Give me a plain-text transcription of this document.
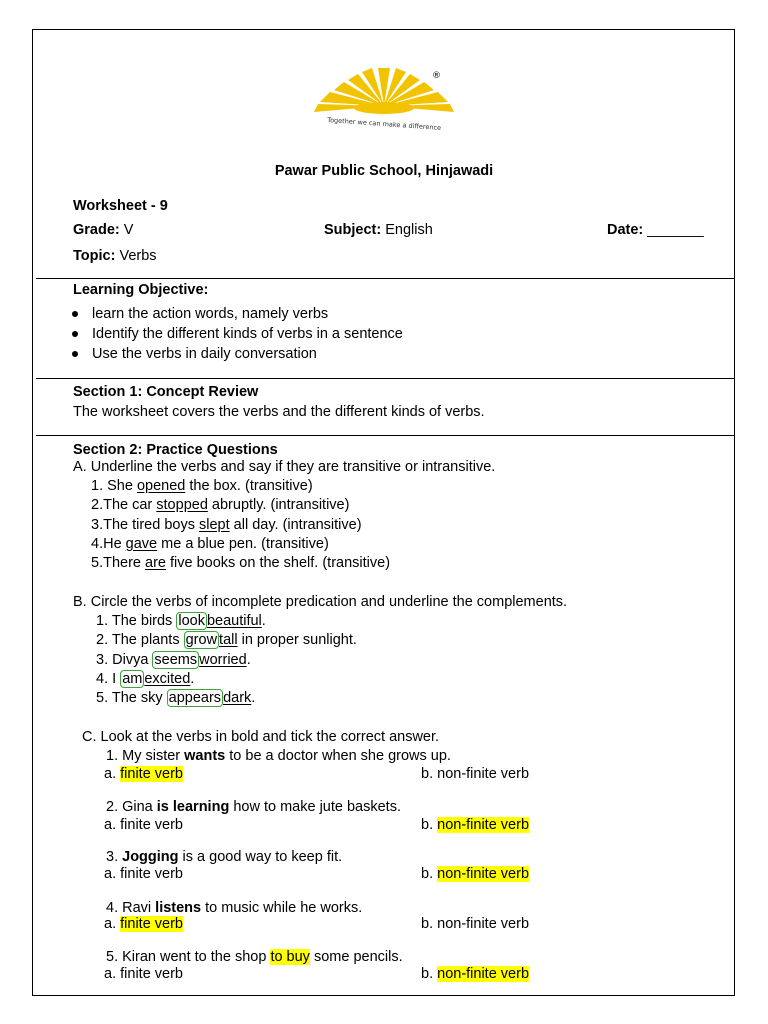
®
Together we can make a difference
Pawar Public School, Hinjawadi
Worksheet - 9
Grade: V	Subject: English	Date: _______
Topic: Verbs
Learning Objective:
learn the action words, namely verbs
Identify the different kinds of verbs in a sentence
Use the verbs in daily conversation
Section 1: Concept Review
The worksheet covers the verbs and the different kinds of verbs.
Section 2: Practice Questions
A. Underline the verbs and say if they are transitive or intransitive.
1. She opened the box. (transitive)
2.The car stopped abruptly. (intransitive)
3.The tired boys slept all day. (intransitive)
4.He gave me a blue pen. (transitive)
5.There are five books on the shelf. (transitive)
B. Circle the verbs of incomplete predication and underline the complements.
1. The birds look beautiful.
2. The plants grow tall in proper sunlight.
3. Divya seems worried.
4. I am excited.
5. The sky appears dark.
C. Look at the verbs in bold and tick the correct answer.
1. My sister wants to be a doctor when she grows up.
a. finite verb	b. non-finite verb
2. Gina is learning how to make jute baskets.
a. finite verb	b. non-finite verb
3. Jogging is a good way to keep fit.
a. finite verb	b. non-finite verb
4. Ravi listens to music while he works.
a. finite verb	b. non-finite verb
5. Kiran went to the shop to buy some pencils.
a. finite verb	b. non-finite verb
